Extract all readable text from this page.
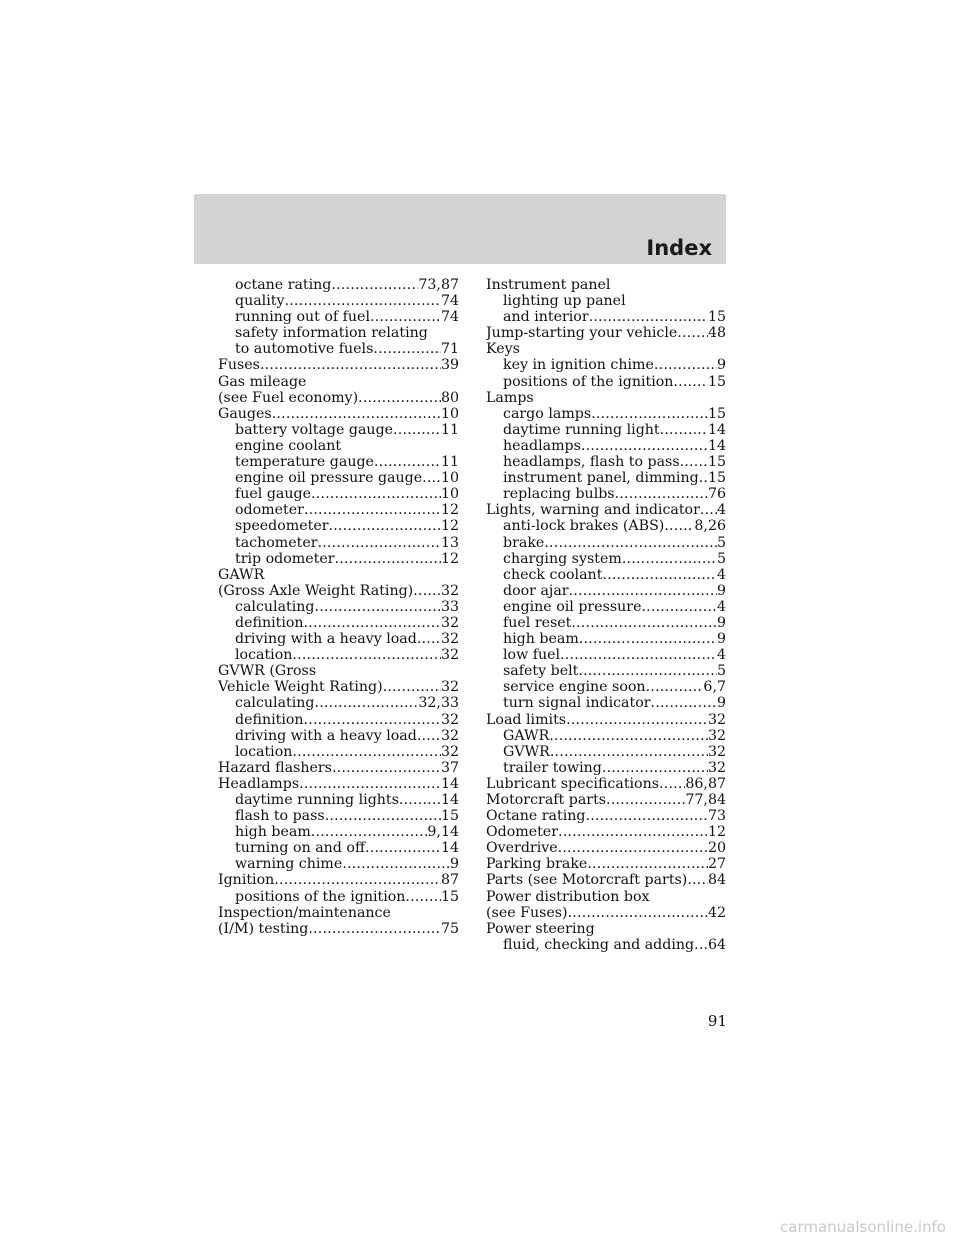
Index
octane rating .....	73,87
quality .....	74
running out of fuel .....	74
safety information relating
to automotive fuels .....	71
Fuses .....	39
Gas mileage
(see Fuel economy) .....	80
Gauges .....	10
battery voltage gauge .....	11
engine coolant
temperature gauge .....	11
engine oil pressure gauge ..... 10
fuel gauge .....	10
odometer .....	12
speedometer .....	12
tachometer .....	13
trip odometer .....	12
GAWR
(Gross Axle Weight Rating) ..... 32
calculating .....	33
definition .....	32
driving with a heavy load ..... 32
location .....	32
GVWR (Gross
Vehicle Weight Rating) .....	32
calculating .....	32,33
definition .....	32
driving with a heavy load ..... 32
location .....	32
Hazard flashers .....	37
Headlamps .....	14
daytime running lights .....	14
flash to pass .....	15
high beam .....	9,14
turning on and off .....	14
warning chime .....	9
Ignition .....	87
positions of the ignition .....	15
Inspection/maintenance
(I/M) testing .....	75
Instrument panel
lighting up panel
and interior .....	15
Jump-starting your vehicle ..... 48
Keys
key in ignition chime .....	9
positions of the ignition ..... 15
Lamps
cargo lamps .....	15
daytime running light .....	14
headlamps .....	14
headlamps, flash to pass ..... 15
instrument panel, dimming ..... 15
replacing bulbs .....	76
Lights, warning and indicator ..... 4
anti-lock brakes (ABS) ..... 8,26
brake .....	5
charging system .....	5
check coolant .....	4
door ajar .....	9
engine oil pressure .....	4
fuel reset .....	9
high beam .....	9
low fuel .....	4
safety belt .....	5
service engine soon .....	6,7
turn signal indicator .....	9
Load limits .....	32
GAWR .....	32
GVWR .....	32
trailer towing .....	32
Lubricant specifications ..... 86,87
Motorcraft parts .....	77,84
Octane rating .....	73
Odometer .....	12
Overdrive .....	20
Parking brake .....	27
Parts (see Motorcraft parts) ..... 84
Power distribution box
(see Fuses) .....	42
Power steering
fluid, checking and adding ..... 64
91
carmanualsonline.info
